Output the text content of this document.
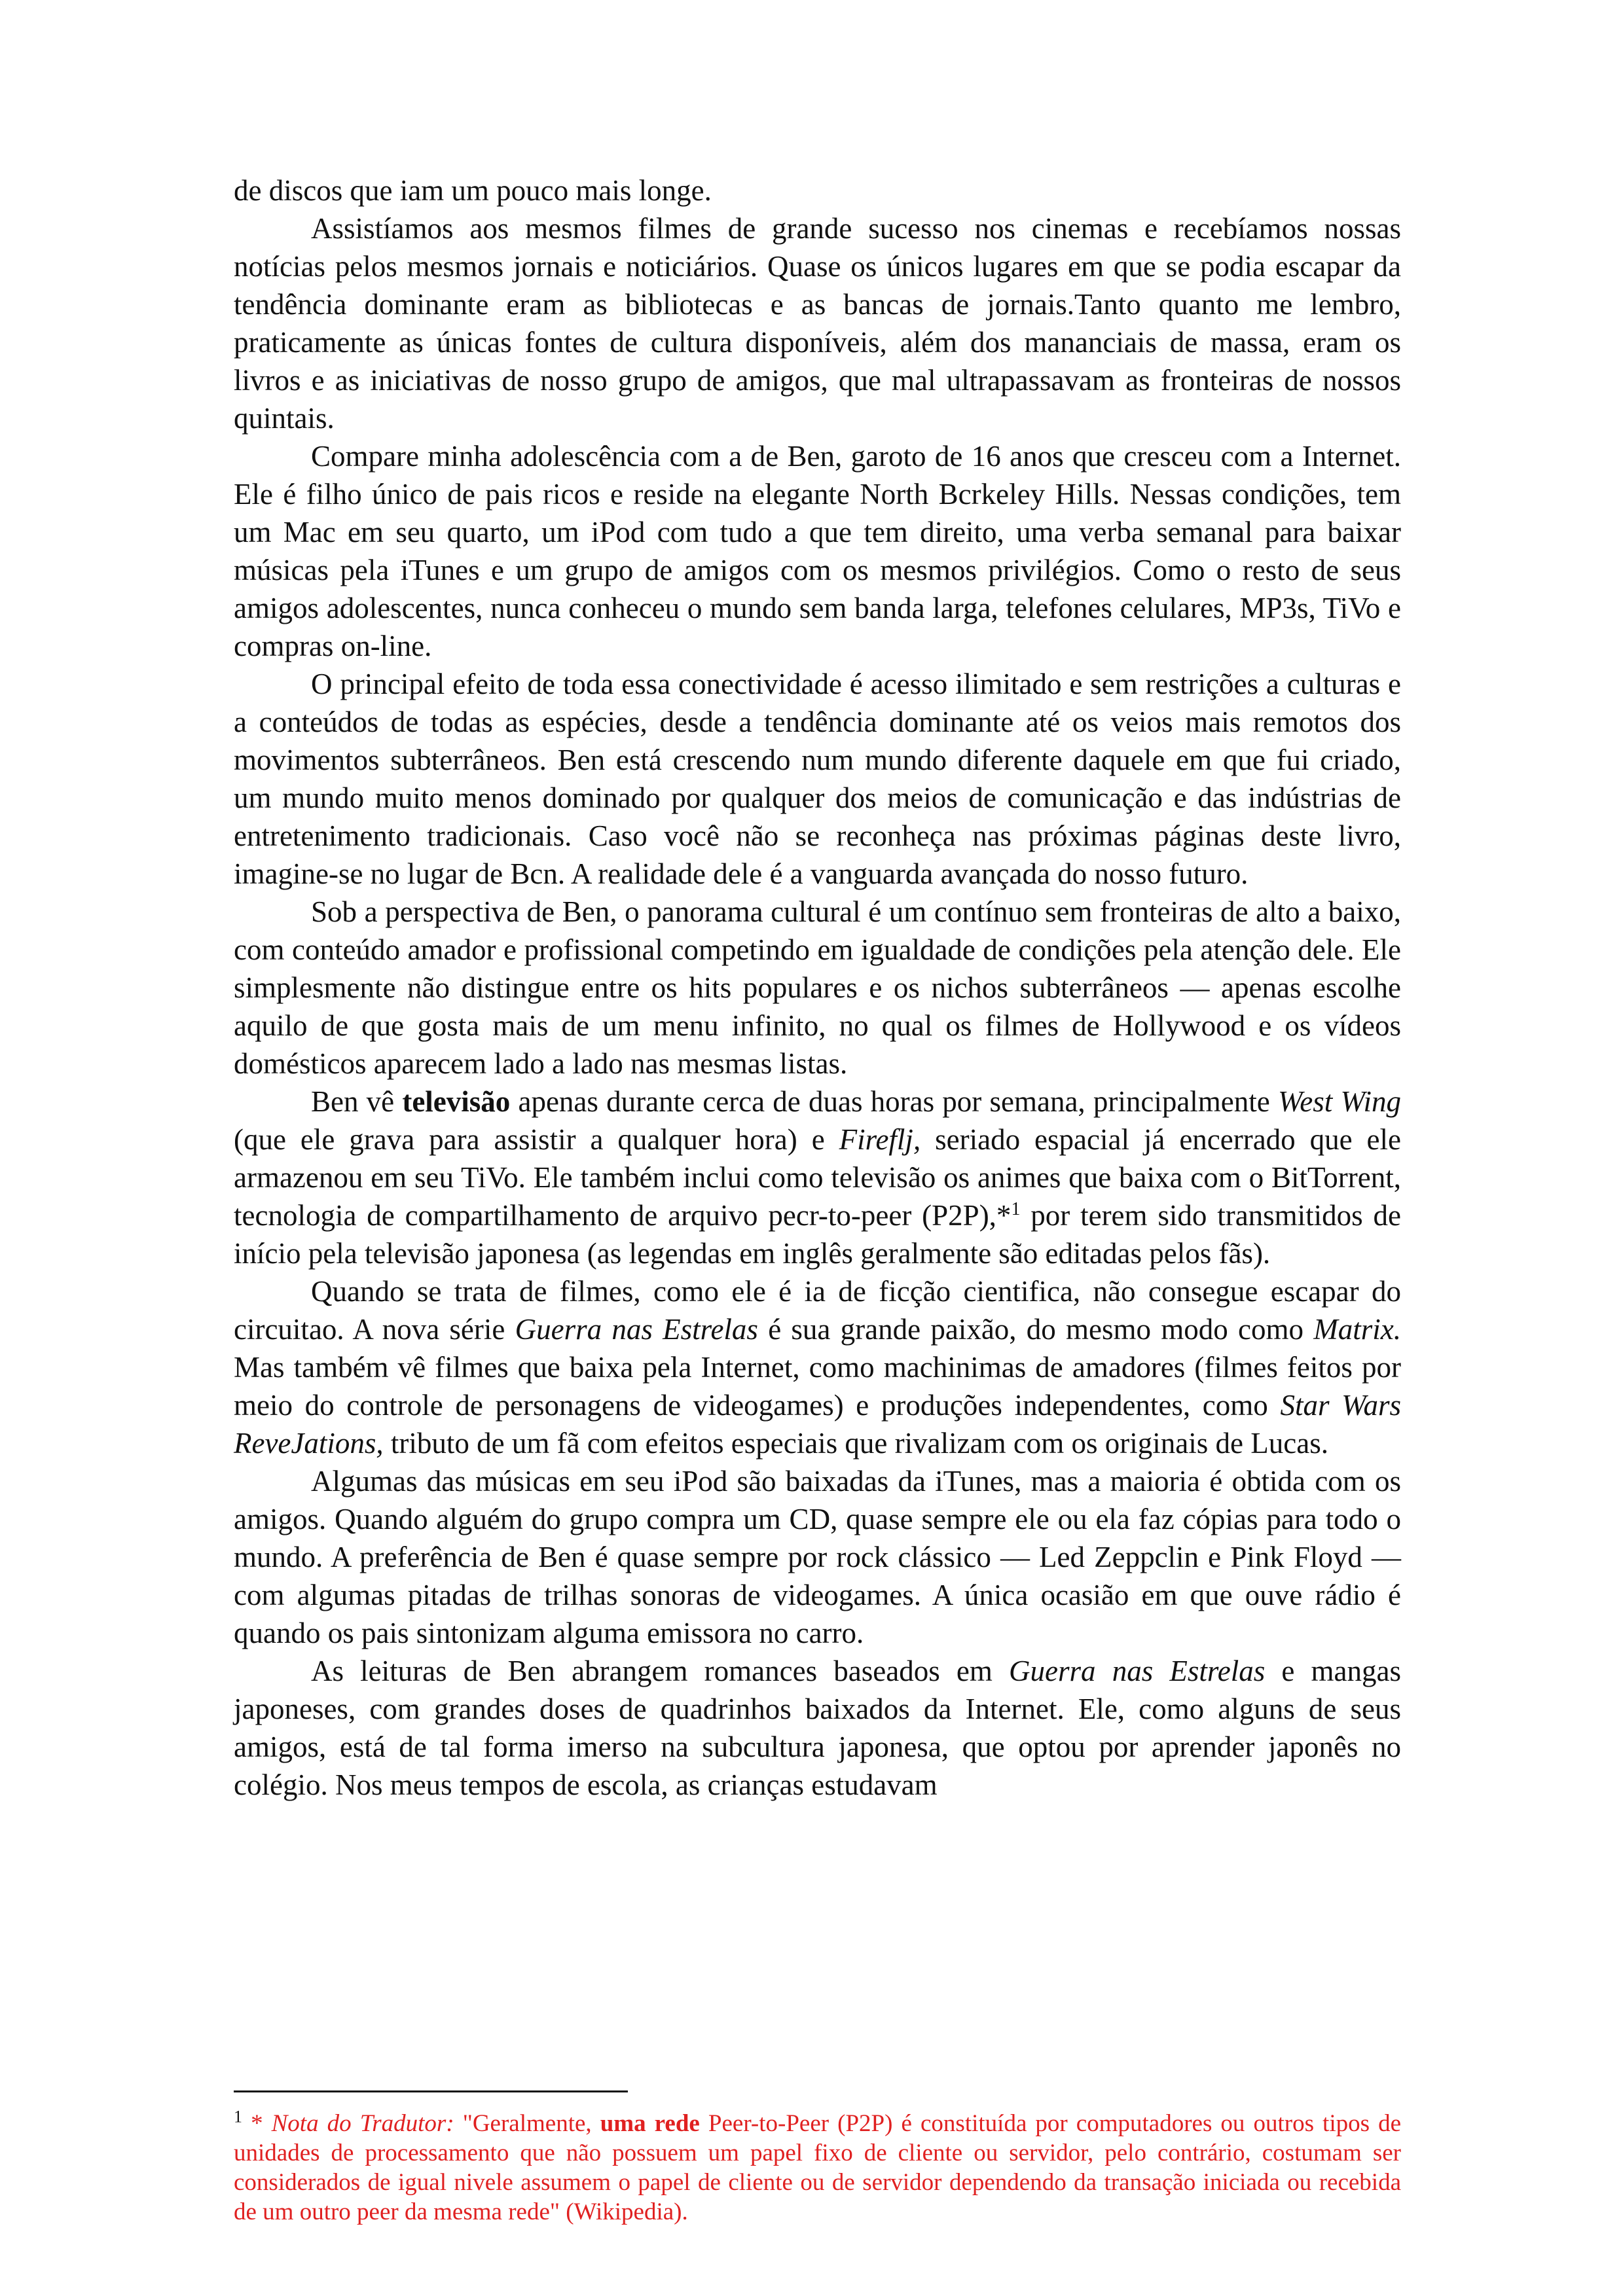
de discos que iam um pouco mais longe.

Assistíamos aos mesmos filmes de grande sucesso nos cinemas e recebíamos nossas notícias pelos mesmos jornais e noticiários. Quase os únicos lugares em que se podia escapar da tendência dominante eram as bibliotecas e as bancas de jornais.Tanto quanto me lembro, praticamente as únicas fontes de cultura disponíveis, além dos mananciais de massa, eram os livros e as iniciativas de nosso grupo de amigos, que mal ultrapassavam as fronteiras de nossos quintais.

Compare minha adolescência com a de Ben, garoto de 16 anos que cresceu com a Internet. Ele é filho único de pais ricos e reside na elegante North Bcrkeley Hills. Nessas condições, tem um Mac em seu quarto, um iPod com tudo a que tem direito, uma verba semanal para baixar músicas pela iTunes e um grupo de amigos com os mesmos privilégios. Como o resto de seus amigos adolescentes, nunca conheceu o mundo sem banda larga, telefones celulares, MP3s, TiVo e compras on-line.

O principal efeito de toda essa conectividade é acesso ilimitado e sem restrições a culturas e a conteúdos de todas as espécies, desde a tendência dominante até os veios mais remotos dos movimentos subterrâneos. Ben está crescendo num mundo diferente daquele em que fui criado, um mundo muito menos dominado por qualquer dos meios de comunicação e das indústrias de entretenimento tradicionais. Caso você não se reconheça nas próximas páginas deste livro, imagine-se no lugar de Bcn. A realidade dele é a vanguarda avançada do nosso futuro.

Sob a perspectiva de Ben, o panorama cultural é um contínuo sem fronteiras de alto a baixo, com conteúdo amador e profissional competindo em igualdade de condições pela atenção dele. Ele simplesmente não distingue entre os hits populares e os nichos subterrâneos — apenas escolhe aquilo de que gosta mais de um menu infinito, no qual os filmes de Hollywood e os vídeos domésticos aparecem lado a lado nas mesmas listas.

Ben vê televisão apenas durante cerca de duas horas por semana, principalmente West Wing (que ele grava para assistir a qualquer hora) e Fireflj, seriado espacial já encerrado que ele armazenou em seu TiVo. Ele também inclui como televisão os animes que baixa com o BitTorrent, tecnologia de compartilhamento de arquivo pecr-to-peer (P2P),*$^1$ por terem sido transmitidos de início pela televisão japonesa (as legendas em inglês geralmente são editadas pelos fãs).

Quando se trata de filmes, como ele é ia de ficção cientifica, não consegue escapar do circuitao. A nova série Guerra nas Estrelas é sua grande paixão, do mesmo modo como Matrix. Mas também vê filmes que baixa pela Internet, como machinimas de amadores (filmes feitos por meio do controle de personagens de videogames) e produções independentes, como Star Wars ReveJations, tributo de um fã com efeitos especiais que rivalizam com os originais de Lucas.

Algumas das músicas em seu iPod são baixadas da iTunes, mas a maioria é obtida com os amigos. Quando alguém do grupo compra um CD, quase sempre ele ou ela faz cópias para todo o mundo. A preferência de Ben é quase sempre por rock clássico — Led Zeppclin e Pink Floyd — com algumas pitadas de trilhas sonoras de videogames. A única ocasião em que ouve rádio é quando os pais sintonizam alguma emissora no carro.

As leituras de Ben abrangem romances baseados em Guerra nas Estrelas e mangas japoneses, com grandes doses de quadrinhos baixados da Internet. Ele, como alguns de seus amigos, está de tal forma imerso na subcultura japonesa, que optou por aprender japonês no colégio. Nos meus tempos de escola, as crianças estudavam

$^1$ * Nota do Tradutor: "Geralmente, uma rede Peer-to-Peer (P2P) é constituída por computadores ou outros tipos de unidades de processamento que não possuem um papel fixo de cliente ou servidor, pelo contrário, costumam ser considerados de igual nivele assumem o papel de cliente ou de servidor dependendo da transação iniciada ou recebida de um outro peer da mesma rede" (Wikipedia).
